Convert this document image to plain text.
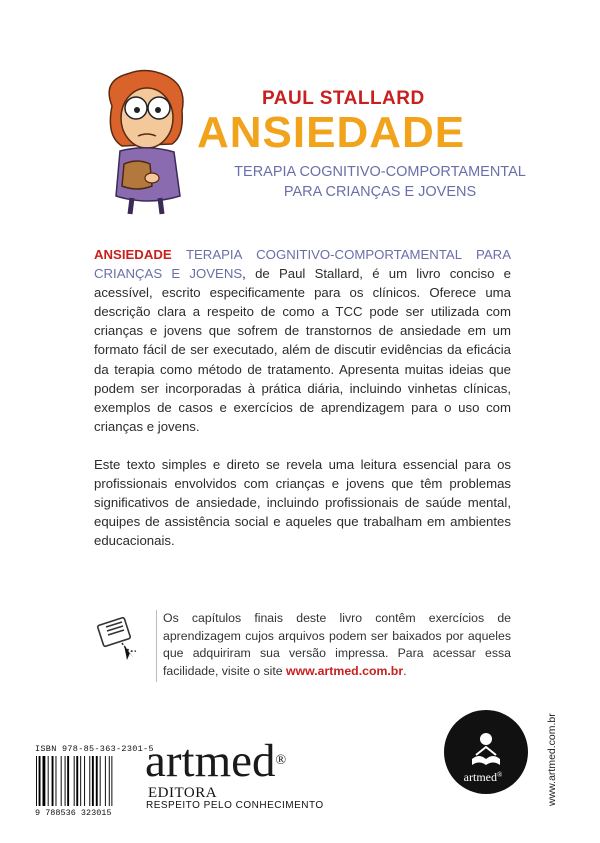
PAUL STALLARD
ANSIEDADE
TERAPIA COGNITIVO-COMPORTAMENTAL
PARA CRIANÇAS E JOVENS

ANSIEDADE TERAPIA COGNITIVO-COMPORTAMENTAL PARA CRIANÇAS E JOVENS, de Paul Stallard, é um livro conciso e acessível, escrito especificamente para os clínicos. Oferece uma descrição clara a respeito de como a TCC pode ser utilizada com crianças e jovens que sofrem de transtornos de ansiedade em um formato fácil de ser executado, além de discutir evidências da eficácia da terapia como método de tratamento. Apresenta muitas ideias que podem ser incorporadas à prática diária, incluindo vinhetas clínicas, exemplos de casos e exercícios de aprendizagem para o uso com crianças e jovens.

Este texto simples e direto se revela uma leitura essencial para os profissionais envolvidos com crianças e jovens que têm problemas significativos de ansiedade, incluindo profissionais de saúde mental, equipes de assistência social e aqueles que trabalham em ambientes educacionais.

Os capítulos finais deste livro contêm exercícios de aprendizagem cujos arquivos podem ser baixados por aqueles que adquiriram sua versão impressa. Para acessar essa facilidade, visite o site www.artmed.com.br.
ISBN 978-85-363-2301-5
9 788536 323015
artmed®
EDITORA
RESPEITO PELO CONHECIMENTO
artmed®	www.artmed.com.br
